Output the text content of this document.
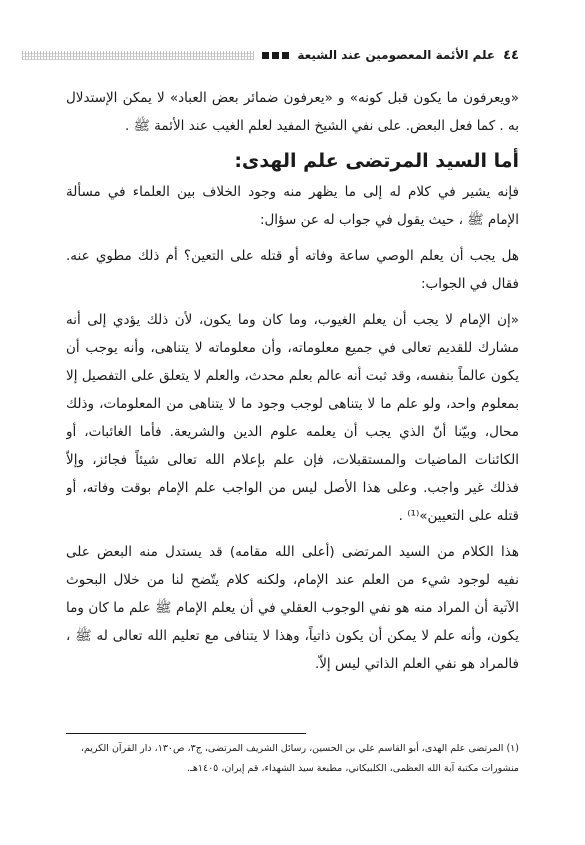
٤٤
علم الأئمة المعصومين عند الشيعة
«ويعرفون ما يكون قبل كونه» و «يعرفون ضمائر بعض العباد» لا يمكن الإستدلال
به . كما فعل البعض. على نفي الشيخ المفيد لعلم الغيب عند الأئمة ﷺ .
أما السيد المرتضى علم الهدى:
فإنه يشير في كلام له إلى ما يظهر منه وجود الخلاف بين العلماء في مسألة
الإمام ﷺ ، حيث يقول في جواب له عن سؤال:
هل يجب أن يعلم الوصي ساعة وفاته أو قتله على التعين؟ أم ذلك مطوي عنه.
فقال في الجواب:
«إن الإمام لا يجب أن يعلم الغيوب، وما كان وما يكون، لأن ذلك يؤدي إلى أنه
مشارك للقديم تعالى في جميع معلوماته، وأن معلوماته لا يتناهى، وأنه يوجب أن
يكون عالماً بنفسه، وقد ثبت أنه عالم بعلم محدث، والعلم لا يتعلق على التفصيل إلا
بمعلوم واحد، ولو علم ما لا يتناهى لوجب وجود ما لا يتناهى من المعلومات، وذلك
محال، وبيّنا أنّ الذي يجب أن يعلمه علوم الدين والشريعة. فأما الغائبات، أو
الكائنات الماضيات والمستقبلات، فإن علم بإعلام الله تعالى شيئاً فجائز، وإلاّ
فذلك غير واجب. وعلى هذا الأصل ليس من الواجب علم الإمام بوقت وفاته، أو
قتله على التعيين»⁽¹⁾ .
هذا الكلام من السيد المرتضى (أعلى الله مقامه) قد يستدل منه البعض على
نفيه لوجود شيء من العلم عند الإمام، ولكنه كلام يتّضح لنا من خلال البحوث
الآتية أن المراد منه هو نفي الوجوب العقلي في أن يعلم الإمام ﷺ علم ما كان وما
يكون، وأنه علم لا يمكن أن يكون ذاتياً، وهذا لا يتنافى مع تعليم الله تعالى له ﷺ ،
فالمراد هو نفي العلم الذاتي ليس إلاّ.
(١) المرتضى علم الهدى، أبو القاسم علي بن الحسين، رسائل الشريف المرتضى، ج٣، ص١٣٠، دار القرآن الكريم،
منشورات مكتبة آية الله العظمى، الكلبيكاني، مطبعة سيد الشهداء، قم إيران، ١٤٠٥هـ.
